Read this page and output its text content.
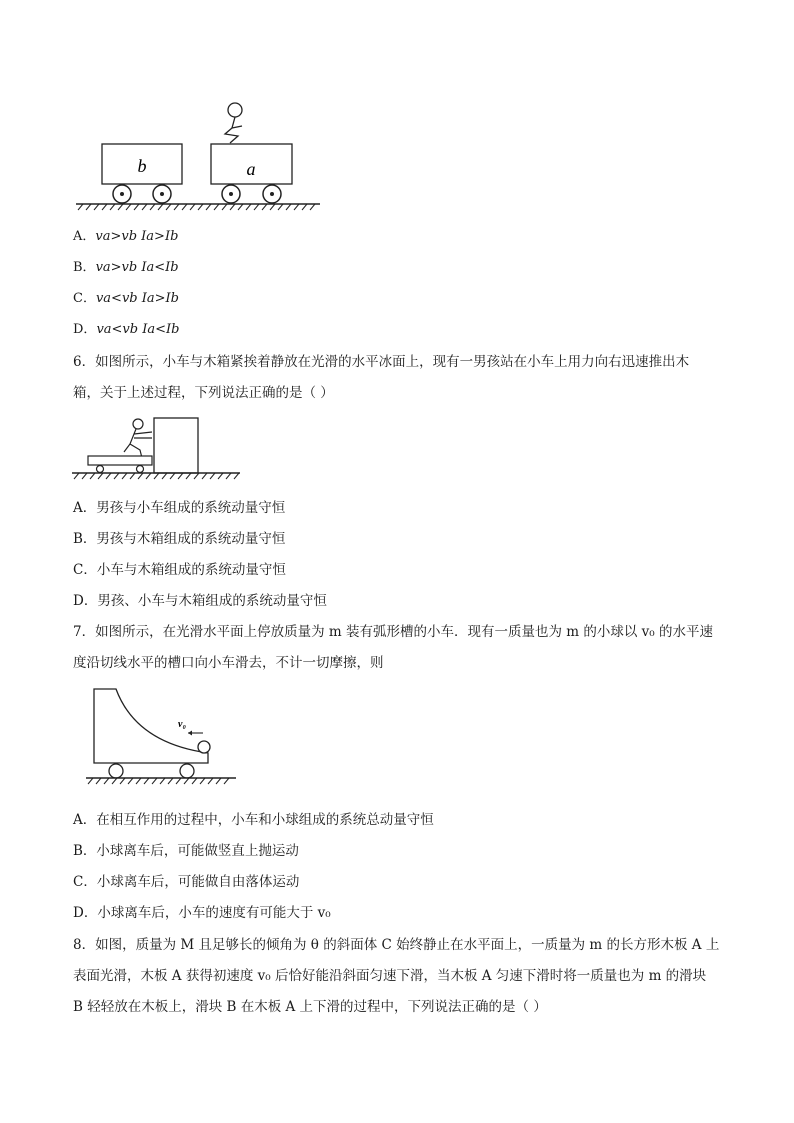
b	a
A．va>vb Ia>Ib
B．va>vb Ia<Ib
C．va<vb Ia>Ib
D．va<vb Ia<Ib
6．如图所示，小车与木箱紧挨着静放在光滑的水平冰面上，现有一男孩站在小车上用力向右迅速推出木
箱，关于上述过程，下列说法正确的是（ ）
A．男孩与小车组成的系统动量守恒
B．男孩与木箱组成的系统动量守恒
C．小车与木箱组成的系统动量守恒
D．男孩、小车与木箱组成的系统动量守恒
7．如图所示，在光滑水平面上停放质量为 m 装有弧形槽的小车．现有一质量也为 m 的小球以 v₀ 的水平速
度沿切线水平的槽口向小车滑去，不计一切摩擦，则
v₀
A．在相互作用的过程中，小车和小球组成的系统总动量守恒
B．小球离车后，可能做竖直上抛运动
C．小球离车后，可能做自由落体运动
D．小球离车后，小车的速度有可能大于 v₀
8．如图，质量为 M 且足够长的倾角为 θ 的斜面体 C 始终静止在水平面上，一质量为 m 的长方形木板 A 上
表面光滑，木板 A 获得初速度 v₀ 后恰好能沿斜面匀速下滑，当木板 A 匀速下滑时将一质量也为 m 的滑块
B 轻轻放在木板上，滑块 B 在木板 A 上下滑的过程中，下列说法正确的是（ ）
